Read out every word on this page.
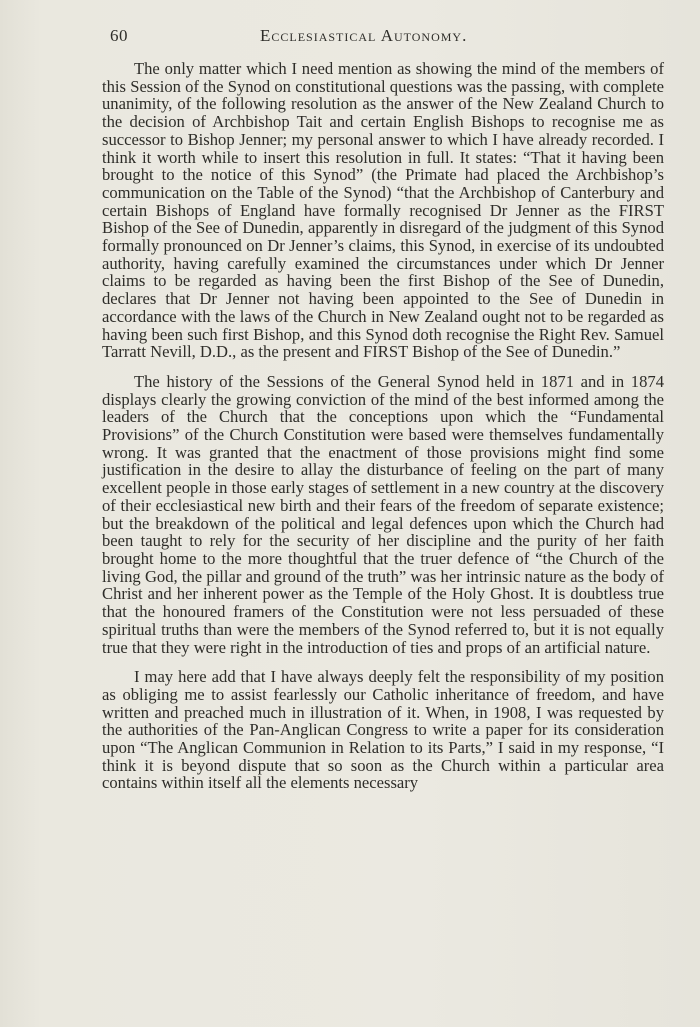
60	Ecclesiastical Autonomy.

The only matter which I need mention as showing the mind of the members of this Session of the Synod on constitutional questions was the passing, with complete unanimity, of the following resolution as the answer of the New Zealand Church to the decision of Archbishop Tait and certain English Bishops to recognise me as successor to Bishop Jenner; my personal answer to which I have already recorded. I think it worth while to insert this resolution in full. It states: “That it having been brought to the notice of this Synod” (the Primate had placed the Archbishop’s communication on the Table of the Synod) “that the Archbishop of Canterbury and certain Bishops of England have formally recognised Dr Jenner as the FIRST Bishop of the See of Dunedin, apparently in disregard of the judgment of this Synod formally pronounced on Dr Jenner’s claims, this Synod, in exercise of its undoubted authority, having carefully examined the circumstances under which Dr Jenner claims to be regarded as having been the first Bishop of the See of Dunedin, declares that Dr Jenner not having been appointed to the See of Dunedin in accordance with the laws of the Church in New Zealand ought not to be regarded as having been such first Bishop, and this Synod doth recognise the Right Rev. Samuel Tarratt Nevill, D.D., as the present and FIRST Bishop of the See of Dunedin.”

The history of the Sessions of the General Synod held in 1871 and in 1874 displays clearly the growing conviction of the mind of the best informed among the leaders of the Church that the conceptions upon which the “Fundamental Provisions” of the Church Constitution were based were themselves fundamentally wrong. It was granted that the enactment of those provisions might find some justification in the desire to allay the disturbance of feeling on the part of many excellent people in those early stages of settlement in a new country at the discovery of their ecclesiastical new birth and their fears of the freedom of separate existence; but the breakdown of the political and legal defences upon which the Church had been taught to rely for the security of her discipline and the purity of her faith brought home to the more thoughtful that the truer defence of “the Church of the living God, the pillar and ground of the truth” was her intrinsic nature as the body of Christ and her inherent power as the Temple of the Holy Ghost. It is doubtless true that the honoured framers of the Constitution were not less persuaded of these spiritual truths than were the members of the Synod referred to, but it is not equally true that they were right in the introduction of ties and props of an artificial nature.

I may here add that I have always deeply felt the responsibility of my position as obliging me to assist fearlessly our Catholic inheritance of freedom, and have written and preached much in illustration of it. When, in 1908, I was requested by the authorities of the Pan-Anglican Congress to write a paper for its consideration upon “The Anglican Communion in Relation to its Parts,” I said in my response, “I think it is beyond dispute that so soon as the Church within a particular area contains within itself all the elements necessary
